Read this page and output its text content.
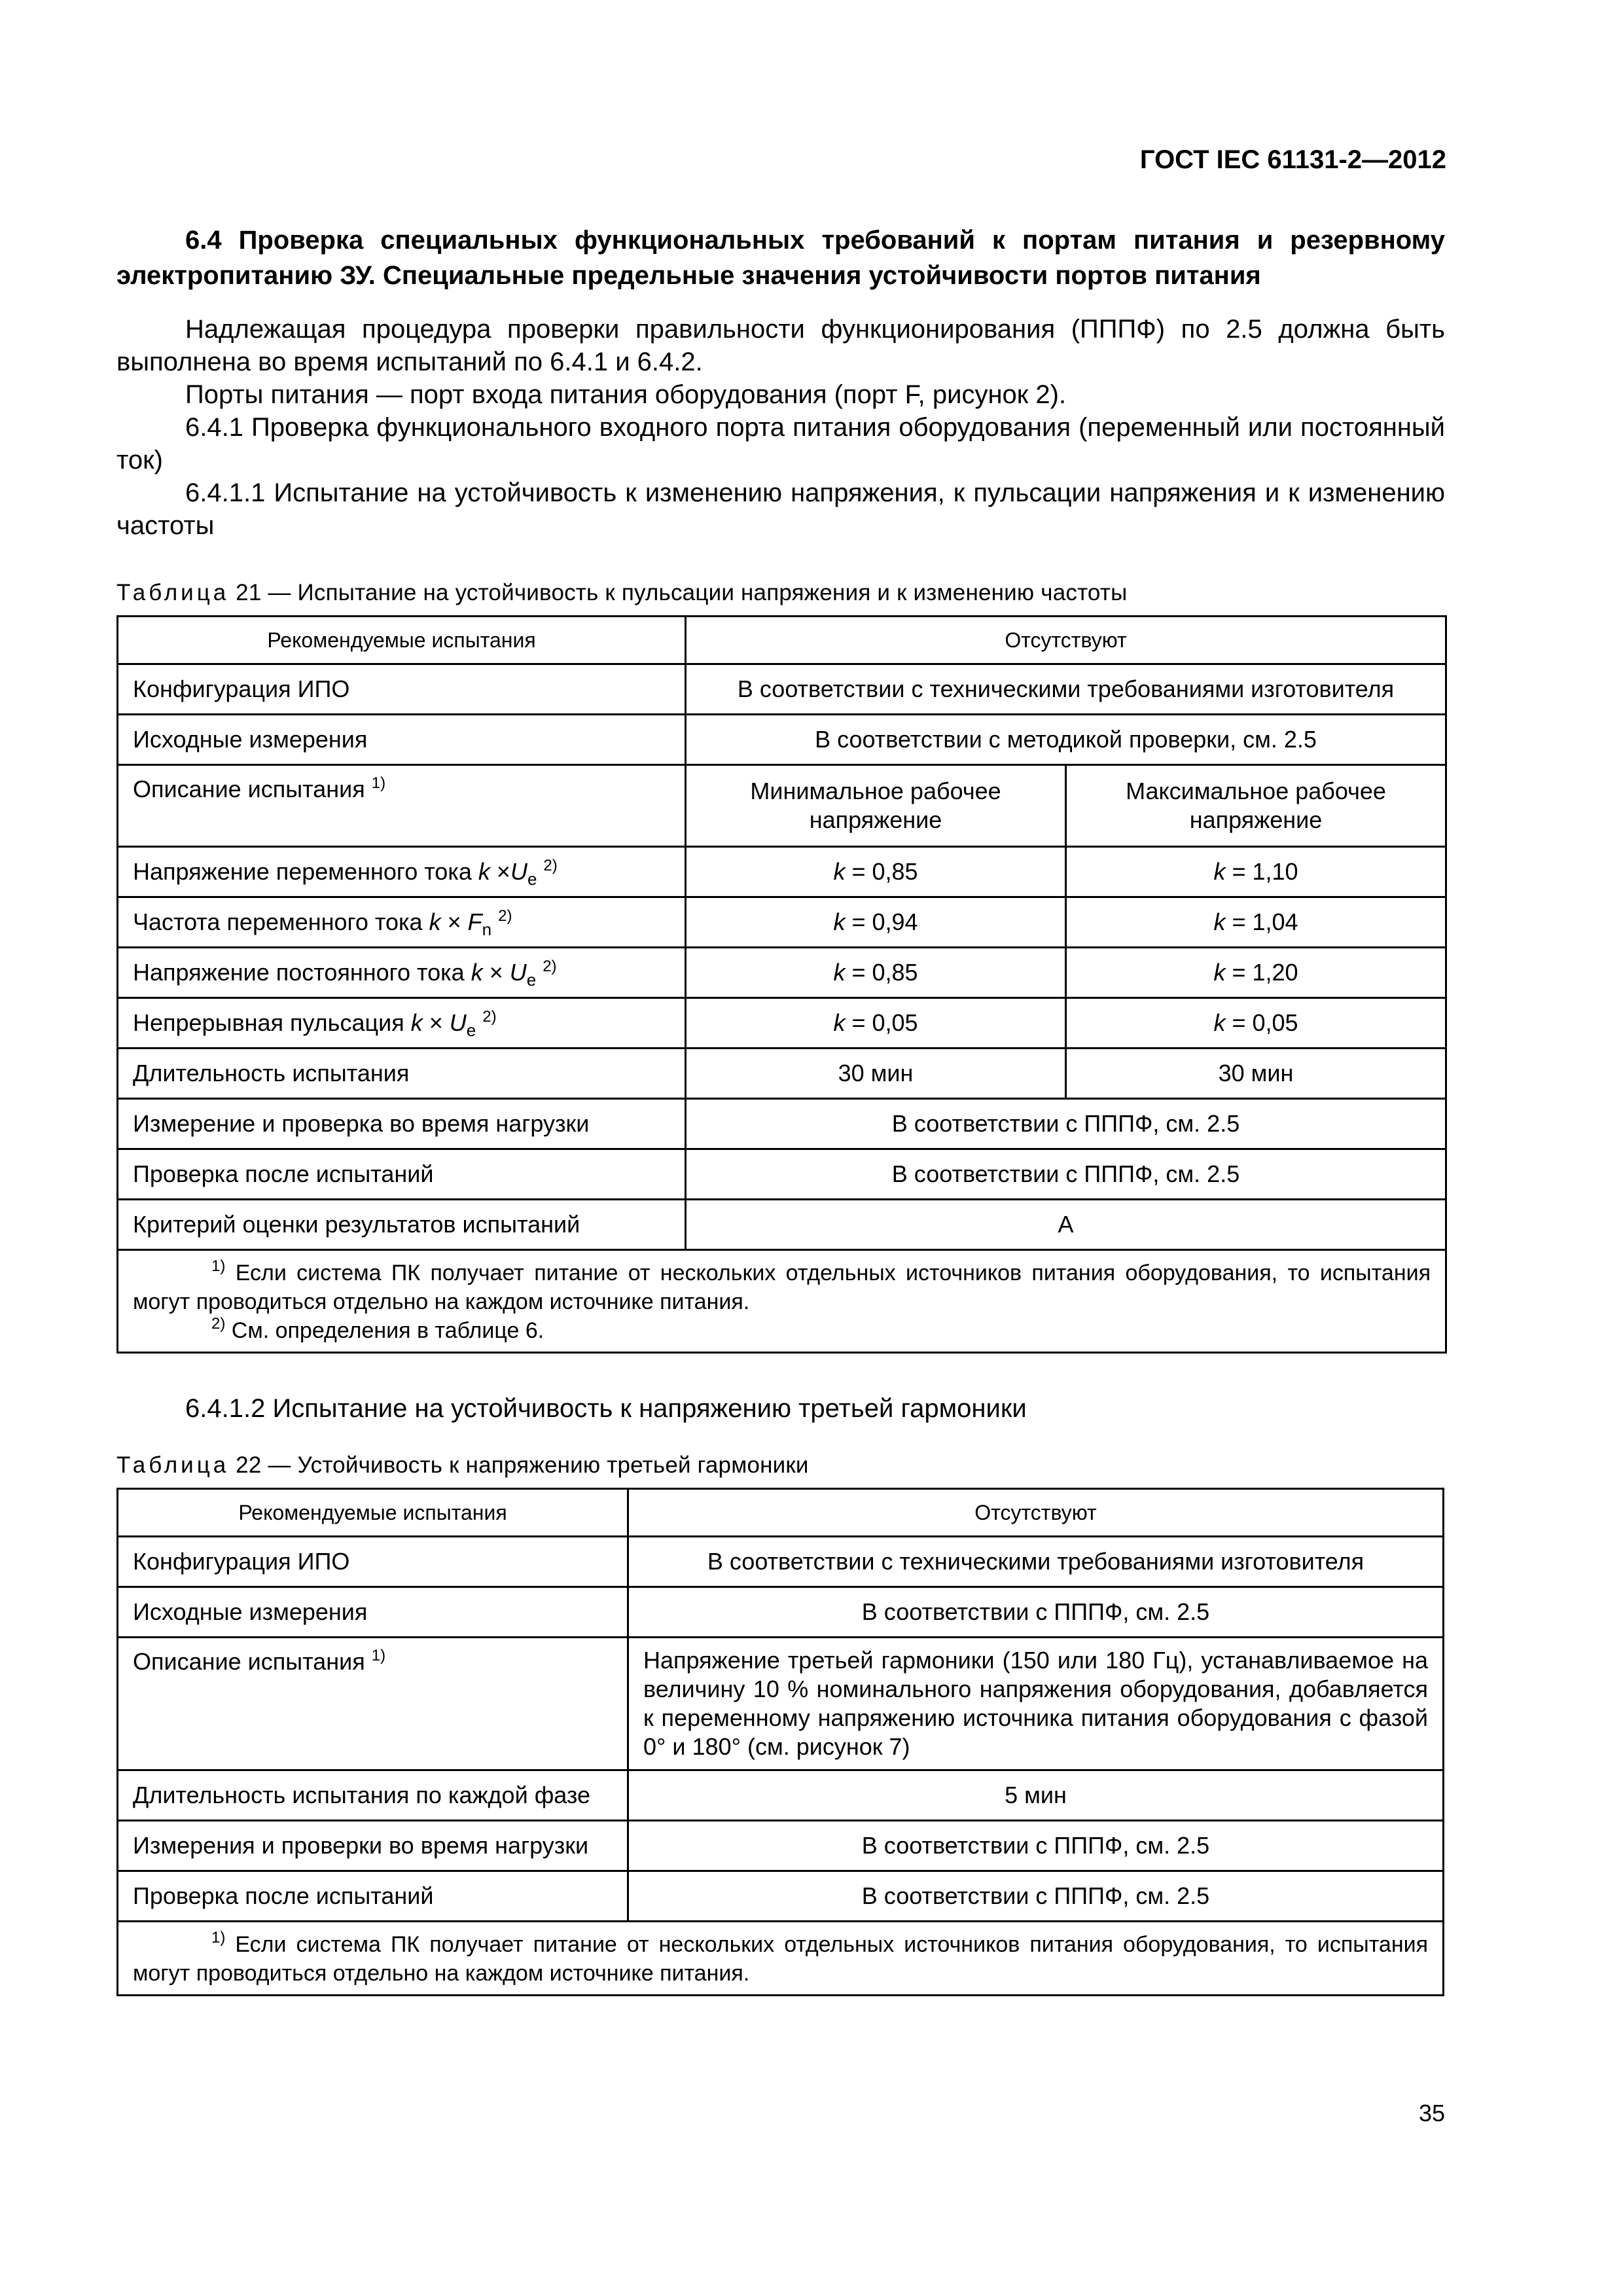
ГОСТ IEC 61131-2—2012

6.4 Проверка специальных функциональных требований к портам питания и резервному электропитанию ЗУ. Специальные предельные значения устойчивости портов питания

Надлежащая процедура проверки правильности функционирования (ПППФ) по 2.5 должна быть выполнена во время испытаний по 6.4.1 и 6.4.2.

Порты питания — порт входа питания оборудования (порт F, рисунок 2).

6.4.1 Проверка функционального входного порта питания оборудования (переменный или постоянный ток)

6.4.1.1 Испытание на устойчивость к изменению напряжения, к пульсации напряжения и к изменению частоты

Таблица 21 — Испытание на устойчивость к пульсации напряжения и к изменению частоты
Рекомендуемые испытания	Отсутствуют	
Конфигурация ИПО	В соответствии с техническими требованиями изготовителя	
Исходные измерения	В соответствии с методикой проверки, см. 2.5	
Описание испытания $^{1)}$	Минимальное рабочее напряжение	Максимальное рабочее напряжение
Напряжение переменного тока $k \times U_e$ $^{2)}$	k = 0,85	k = 1,10
Частота переменного тока $k \times F_n$ $^{2)}$	k = 0,94	k = 1,04
Напряжение постоянного тока $k \times U_e$ $^{2)}$	k = 0,85	k = 1,20
Непрерывная пульсация $k \times U_e$ $^{2)}$	k = 0,05	k = 0,05
Длительность испытания	30 мин	30 мин
Измерение и проверка во время нагрузки	В соответствии с ПППФ, см. 2.5	
Проверка после испытаний	В соответствии с ПППФ, см. 2.5	
Критерий оценки результатов испытаний	А	

$^{1)}$ Если система ПК получает питание от нескольких отдельных источников питания оборудования, то испытания могут проводиться отдельно на каждом источнике питания.

$^{2)}$ См. определения в таблице 6.		

6.4.1.2 Испытание на устойчивость к напряжению третьей гармоники

Таблица 22 — Устойчивость к напряжению третьей гармоники
Рекомендуемые испытания	Отсутствуют
Конфигурация ИПО	В соответствии с техническими требованиями изготовителя
Исходные измерения	В соответствии с ПППФ, см. 2.5
Описание испытания $^{1)}$	Напряжение третьей гармоники (150 или 180 Гц), устанавливаемое на величину 10 % номинального напряжения оборудования, добавляется к переменному напряжению источника питания оборудования с фазой 0° и 180° (см. рисунок 7)
Длительность испытания по каждой фазе	5 мин
Измерения и проверки во время нагрузки	В соответствии с ПППФ, см. 2.5
Проверка после испытаний	В соответствии с ПППФ, см. 2.5

$^{1)}$ Если система ПК получает питание от нескольких отдельных источников питания оборудования, то испытания могут проводиться отдельно на каждом источнике питания.	

35
